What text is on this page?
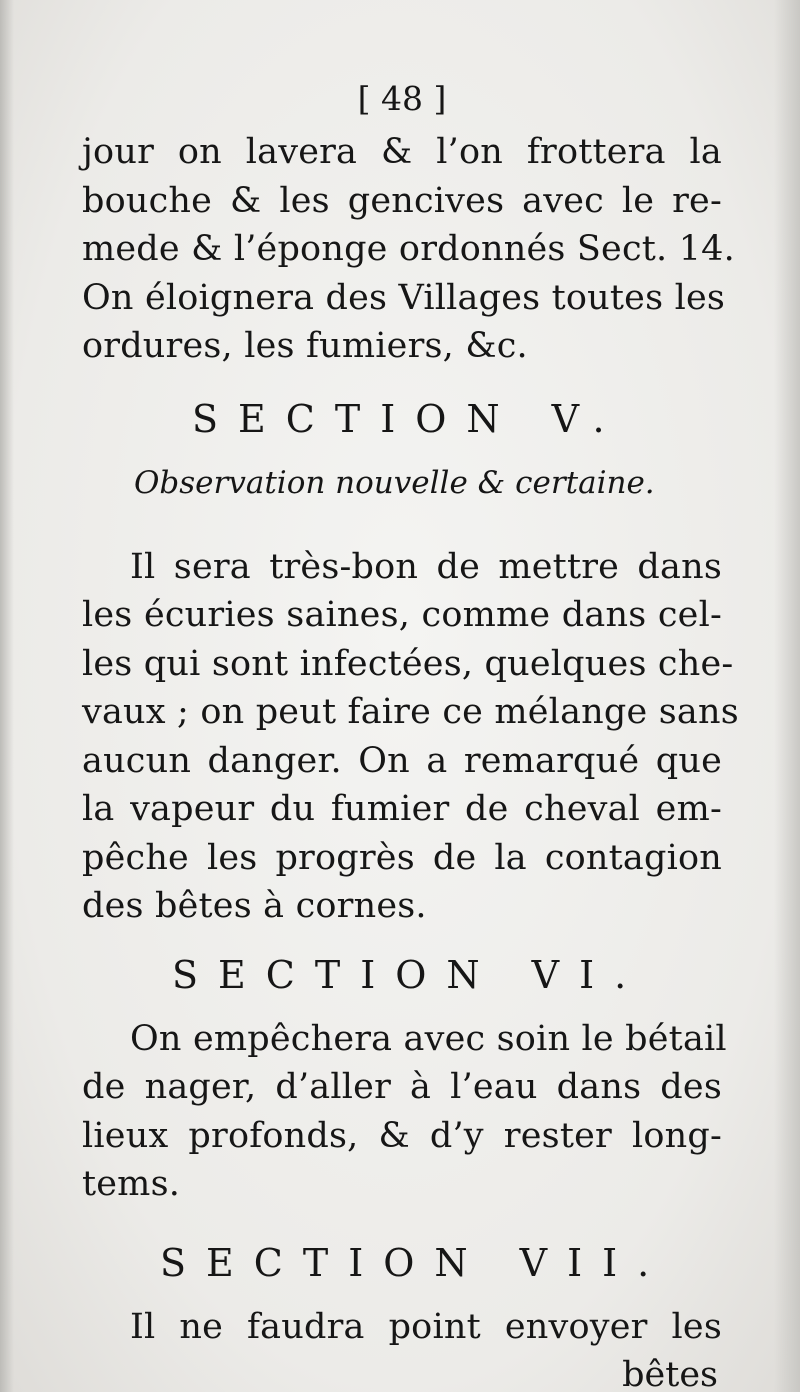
[ 48 ]
jour on lavera & l’on frottera la
bouche & les gencives avec le re-
mede & l’éponge ordonnés Sect. 14.
On éloignera des Villages toutes les
ordures, les fumiers, &c.
SECTION V.
Observation nouvelle & certaine.
Il sera très-bon de mettre dans
les écuries saines, comme dans cel-
les qui sont infectées, quelques che-
vaux ; on peut faire ce mélange sans
aucun danger. On a remarqué que
la vapeur du fumier de cheval em-
pêche les progrès de la contagion
des bêtes à cornes.
SECTION VI.
On empêchera avec soin le bétail
de nager, d’aller à l’eau dans des
lieux profonds, & d’y rester long-
tems.
SECTION VII.
Il ne faudra point envoyer les
bêtes
